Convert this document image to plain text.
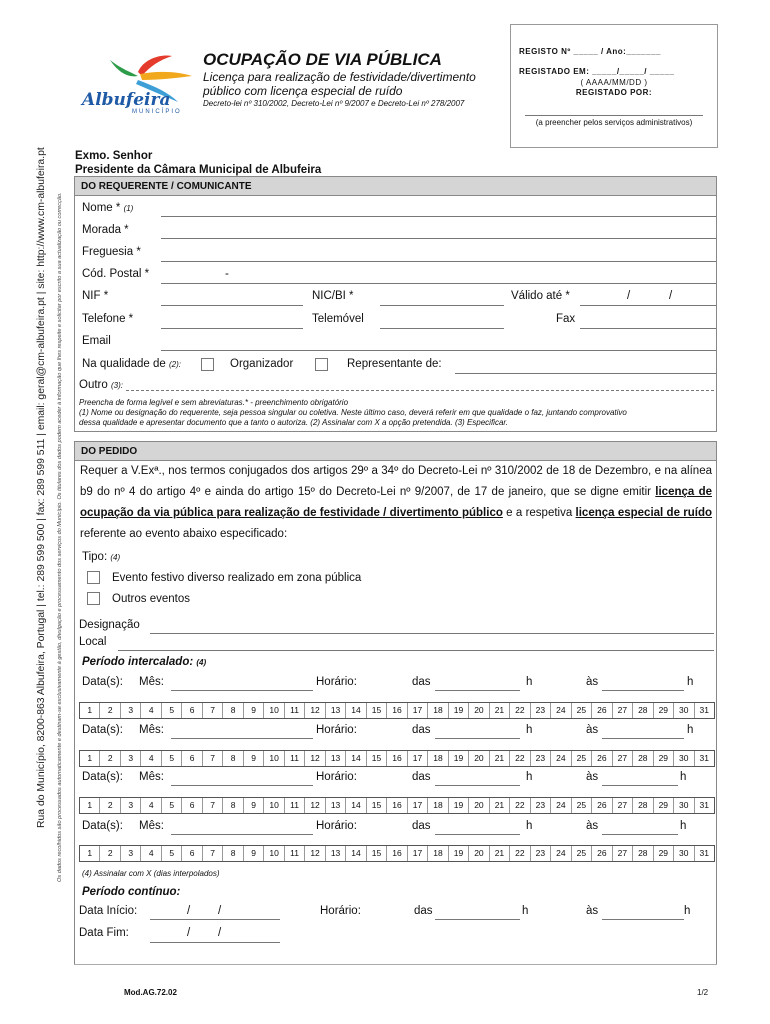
Rua do Município, 8200-863 Albufeira, Portugal | tel.: 289 599 500 | fax: 289 599 511 | email: geral@cm-albufeira.pt | site: http://www.cm-albufeira.pt Os dados recolhidos são processados automaticamente e destinam-se exclusivamente à gestão, divulgação e processamento dos serviços do Município. Os titulares dos dados podem aceder à informação que lhes respeite e solicitar por escrito a sua actualização ou correcção.
Albufeira
MUNICÍPIO
OCUPAÇÃO DE VIA PÚBLICA
Licença para realização de festividade/divertimento público com licença especial de ruído
Decreto-lei nº 310/2002, Decreto-Lei nº 9/2007 e Decreto-Lei nº 278/2007
REGISTO Nº _____ / Ano:_______
REGISTADO EM: _____/_____/ _____
( AAAA/MM/DD )
REGISTADO POR:
(a preencher pelos serviços administrativos)
Exmo. Senhor
Presidente da Câmara Municipal de Albufeira
DO REQUERENTE / COMUNICANTE
Nome * (1)
Morada *
Freguesia *
Cód. Postal *	-
NIF *	NIC/BI *	Válido até *	/	/
Telefone *	Telemóvel	Fax
Email
Na qualidade de (2):	Organizador	Representante de:
Outro (3):
Preencha de forma legível e sem abreviaturas.* - preenchimento obrigatório
(1) Nome ou designação do requerente, seja pessoa singular ou coletiva. Neste último caso, deverá referir em que qualidade o faz, juntando comprovativo
dessa qualidade e apresentar documento que a tanto o autoriza. (2) Assinalar com X a opção pretendida. (3) Especificar.
DO PEDIDO
Requer a V.Exª., nos termos conjugados dos artigos 29º a 34º do Decreto-Lei nº 310/2002 de 18 de Dezembro, e na alínea b9 do nº 4 do artigo 4º e ainda do artigo 15º do Decreto-Lei nº 9/2007, de 17 de janeiro, que se digne emitir licença de ocupação da via pública para realização de festividade / divertimento público e a respetiva licença especial de ruído referente ao evento abaixo especificado:
Tipo: (4)
Evento festivo diverso realizado em zona pública
Outros eventos
Designação
Local
Período intercalado: (4)
Data(s): Mês:	Horário:	das	h	às	h
1	2	3	4	5	6	7	8	9	10	11	12	13	14	15	16	17	18	19	20	21	22	23	24	25	26	27	28	29	30	31
Data(s): Mês:	Horário:	das	h	às	h
1	2	3	4	5	6	7	8	9	10	11	12	13	14	15	16	17	18	19	20	21	22	23	24	25	26	27	28	29	30	31
Data(s): Mês:	Horário:	das	h	às	h
1	2	3	4	5	6	7	8	9	10	11	12	13	14	15	16	17	18	19	20	21	22	23	24	25	26	27	28	29	30	31
Data(s): Mês:	Horário:	das	h	às	h
1	2	3	4	5	6	7	8	9	10	11	12	13	14	15	16	17	18	19	20	21	22	23	24	25	26	27	28	29	30	31
(4) Assinalar com X (dias interpolados)
Período contínuo:
Data Início:	/ /	Horário:	das	h	às	h
Data Fim:	/ /
Mod.AG.72.02	1/2
